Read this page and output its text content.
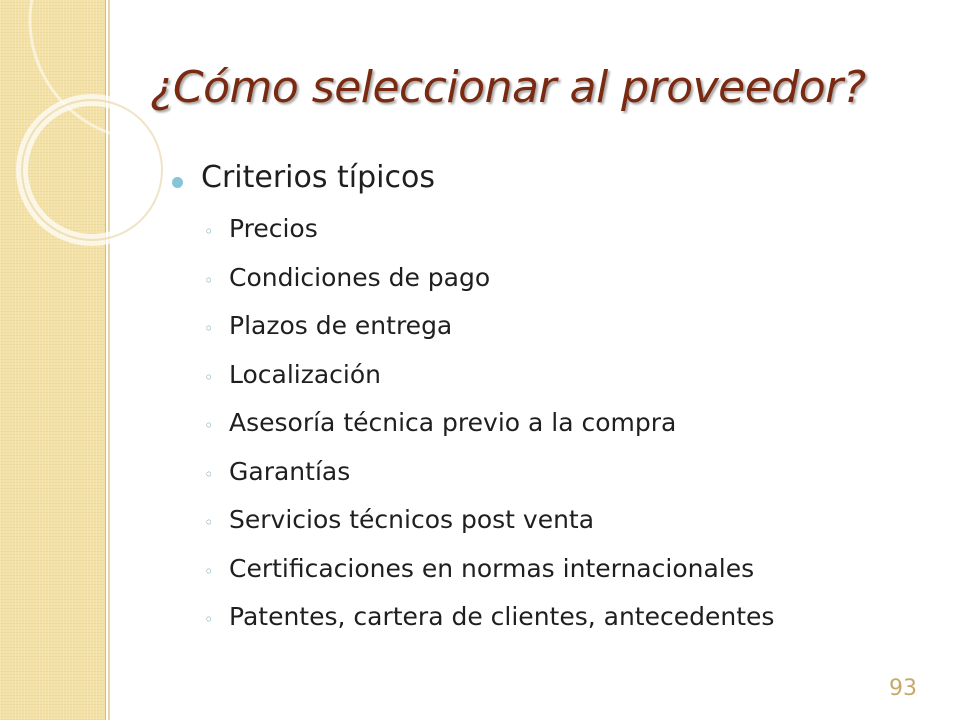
¿Cómo seleccionar al proveedor?
Criterios típicos
◦ Precios
◦ Condiciones de pago
◦ Plazos de entrega
◦ Localización
◦ Asesoría técnica previo a la compra
◦ Garantías
◦ Servicios técnicos post venta
◦ Certificaciones en normas internacionales
◦ Patentes, cartera de clientes, antecedentes
93
